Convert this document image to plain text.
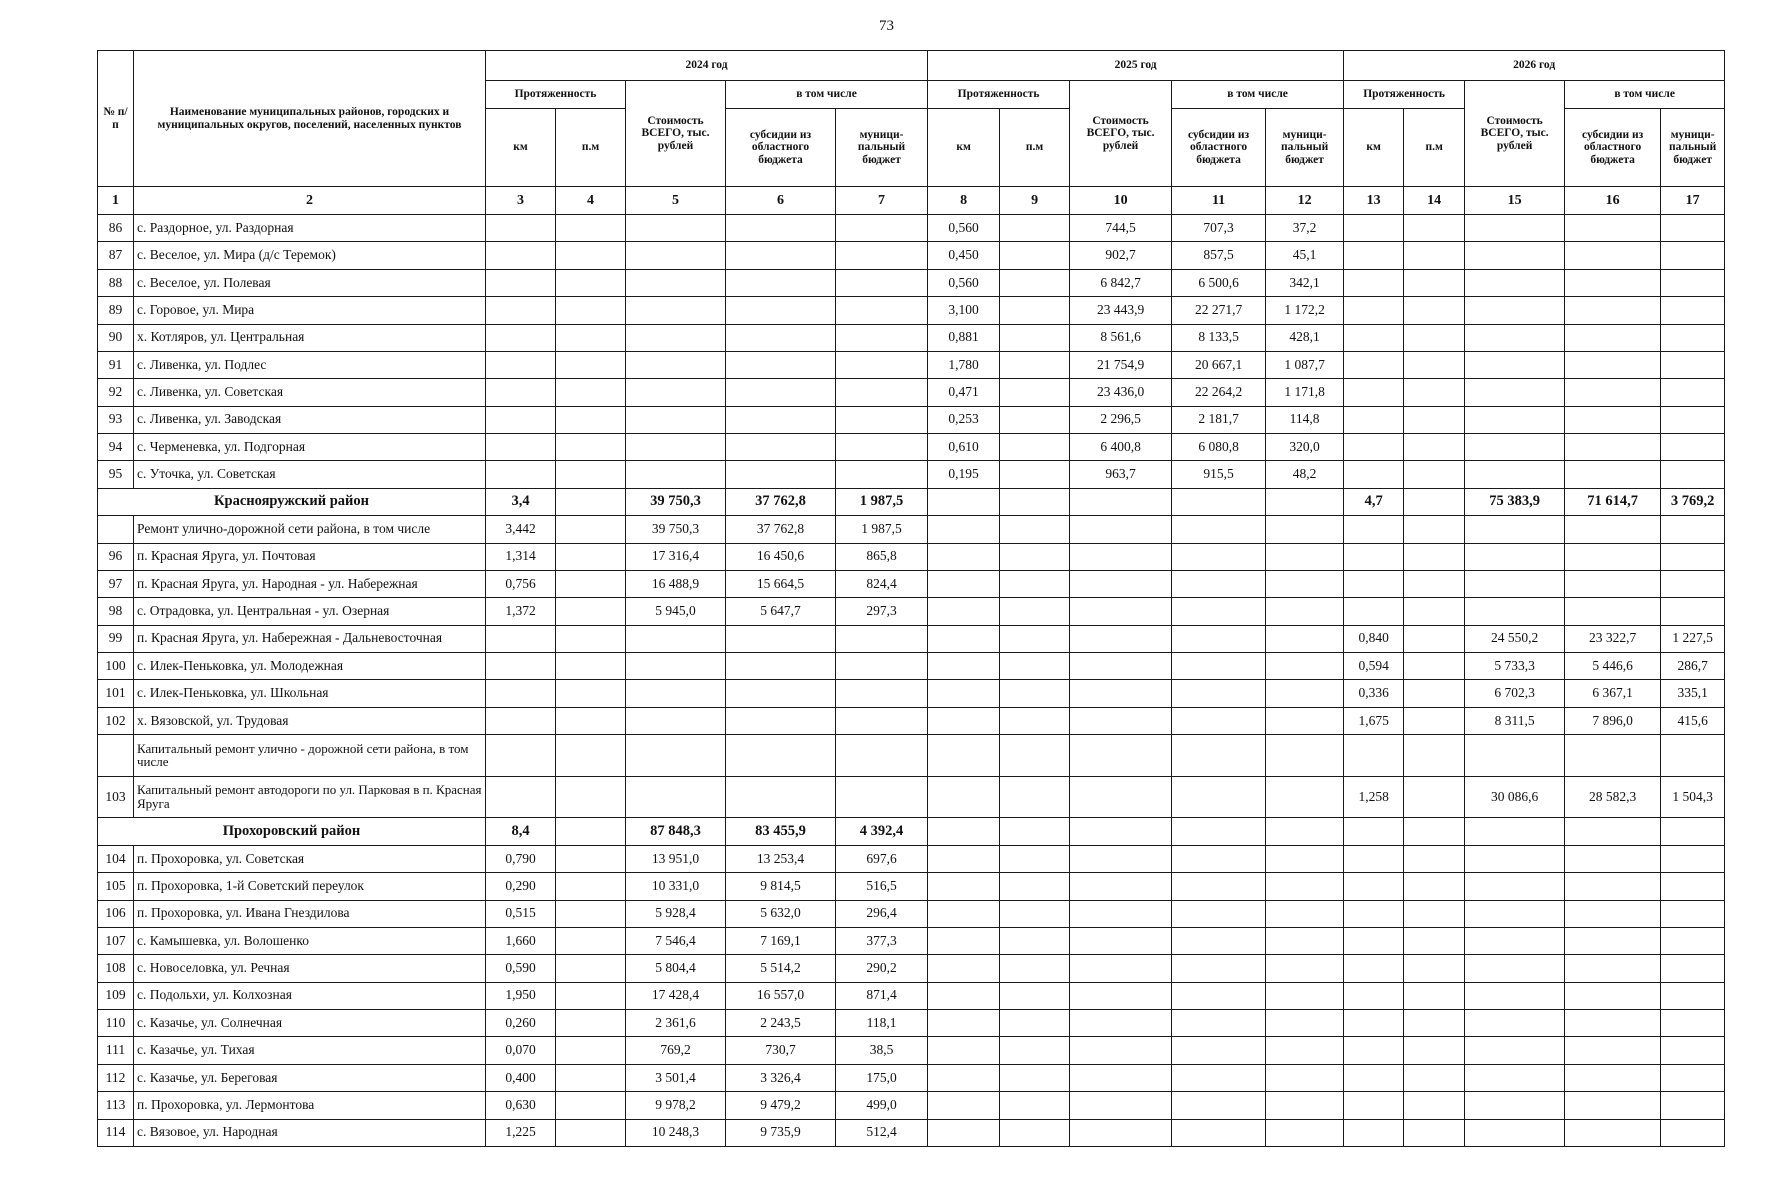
73
№ п/п	Наименование муниципальных районов, городских и муниципальных округов, поселений, населенных пунктов	2024 год					2025 год					2026 год				
		Протяженность		Стоимость ВСЕГО, тыс. рублей	в том числе		Протяженность		Стоимость ВСЕГО, тыс. рублей	в том числе		Протяженность		Стоимость ВСЕГО, тыс. рублей	в том числе	
		км	п.м		субсидии из областного бюджета	муници-пальный бюджет	км	п.м		субсидии из областного бюджета	муници-пальный бюджет	км	п.м		субсидии из областного бюджета	муници-пальный бюджет
1	2	3	4	5	6	7	8	9	10	11	12	13	14	15	16	17
86	с. Раздорное, ул. Раздорная						0,560		744,5	707,3	37,2					
87	с. Веселое, ул. Мира (д/с Теремок)						0,450		902,7	857,5	45,1					
88	с. Веселое, ул. Полевая						0,560		6 842,7	6 500,6	342,1					
89	с. Горовое, ул. Мира						3,100		23 443,9	22 271,7	1 172,2					
90	х. Котляров, ул. Центральная						0,881		8 561,6	8 133,5	428,1					
91	с. Ливенка, ул. Подлес						1,780		21 754,9	20 667,1	1 087,7					
92	с. Ливенка, ул. Советская						0,471		23 436,0	22 264,2	1 171,8					
93	с. Ливенка, ул. Заводская						0,253		2 296,5	2 181,7	114,8					
94	с. Черменевка, ул. Подгорная						0,610		6 400,8	6 080,8	320,0					
95	с. Уточка, ул. Советская						0,195		963,7	915,5	48,2					
Краснояружский район		3,4		39 750,3	37 762,8	1 987,5						4,7		75 383,9	71 614,7	3 769,2
	Ремонт улично-дорожной сети района, в том числе	3,442		39 750,3	37 762,8	1 987,5										
96	п. Красная Яруга, ул. Почтовая	1,314		17 316,4	16 450,6	865,8										
97	п. Красная Яруга, ул. Народная - ул. Набережная	0,756		16 488,9	15 664,5	824,4										
98	с. Отрадовка, ул. Центральная - ул. Озерная	1,372		5 945,0	5 647,7	297,3										
99	п. Красная Яруга, ул. Набережная - Дальневосточная											0,840		24 550,2	23 322,7	1 227,5
100	с. Илек-Пеньковка, ул. Молодежная											0,594		5 733,3	5 446,6	286,7
101	с. Илек-Пеньковка, ул. Школьная											0,336		6 702,3	6 367,1	335,1
102	х. Вязовской, ул. Трудовая											1,675		8 311,5	7 896,0	415,6
	Капитальный ремонт улично - дорожной сети района, в том числе															
103	Капитальный ремонт автодороги по ул. Парковая в п. Красная Яруга											1,258		30 086,6	28 582,3	1 504,3
Прохоровский район		8,4		87 848,3	83 455,9	4 392,4										
104	п. Прохоровка, ул. Советская	0,790		13 951,0	13 253,4	697,6										
105	п. Прохоровка, 1-й Советский переулок	0,290		10 331,0	9 814,5	516,5										
106	п. Прохоровка, ул. Ивана Гнездилова	0,515		5 928,4	5 632,0	296,4										
107	с. Камышевка, ул. Волошенко	1,660		7 546,4	7 169,1	377,3										
108	с. Новоселовка, ул. Речная	0,590		5 804,4	5 514,2	290,2										
109	с. Подольхи, ул. Колхозная	1,950		17 428,4	16 557,0	871,4										
110	с. Казачье, ул. Солнечная	0,260		2 361,6	2 243,5	118,1										
111	с. Казачье, ул. Тихая	0,070		769,2	730,7	38,5										
112	с. Казачье, ул. Береговая	0,400		3 501,4	3 326,4	175,0										
113	п. Прохоровка, ул. Лермонтова	0,630		9 978,2	9 479,2	499,0										
114	с. Вязовое, ул. Народная	1,225		10 248,3	9 735,9	512,4										
